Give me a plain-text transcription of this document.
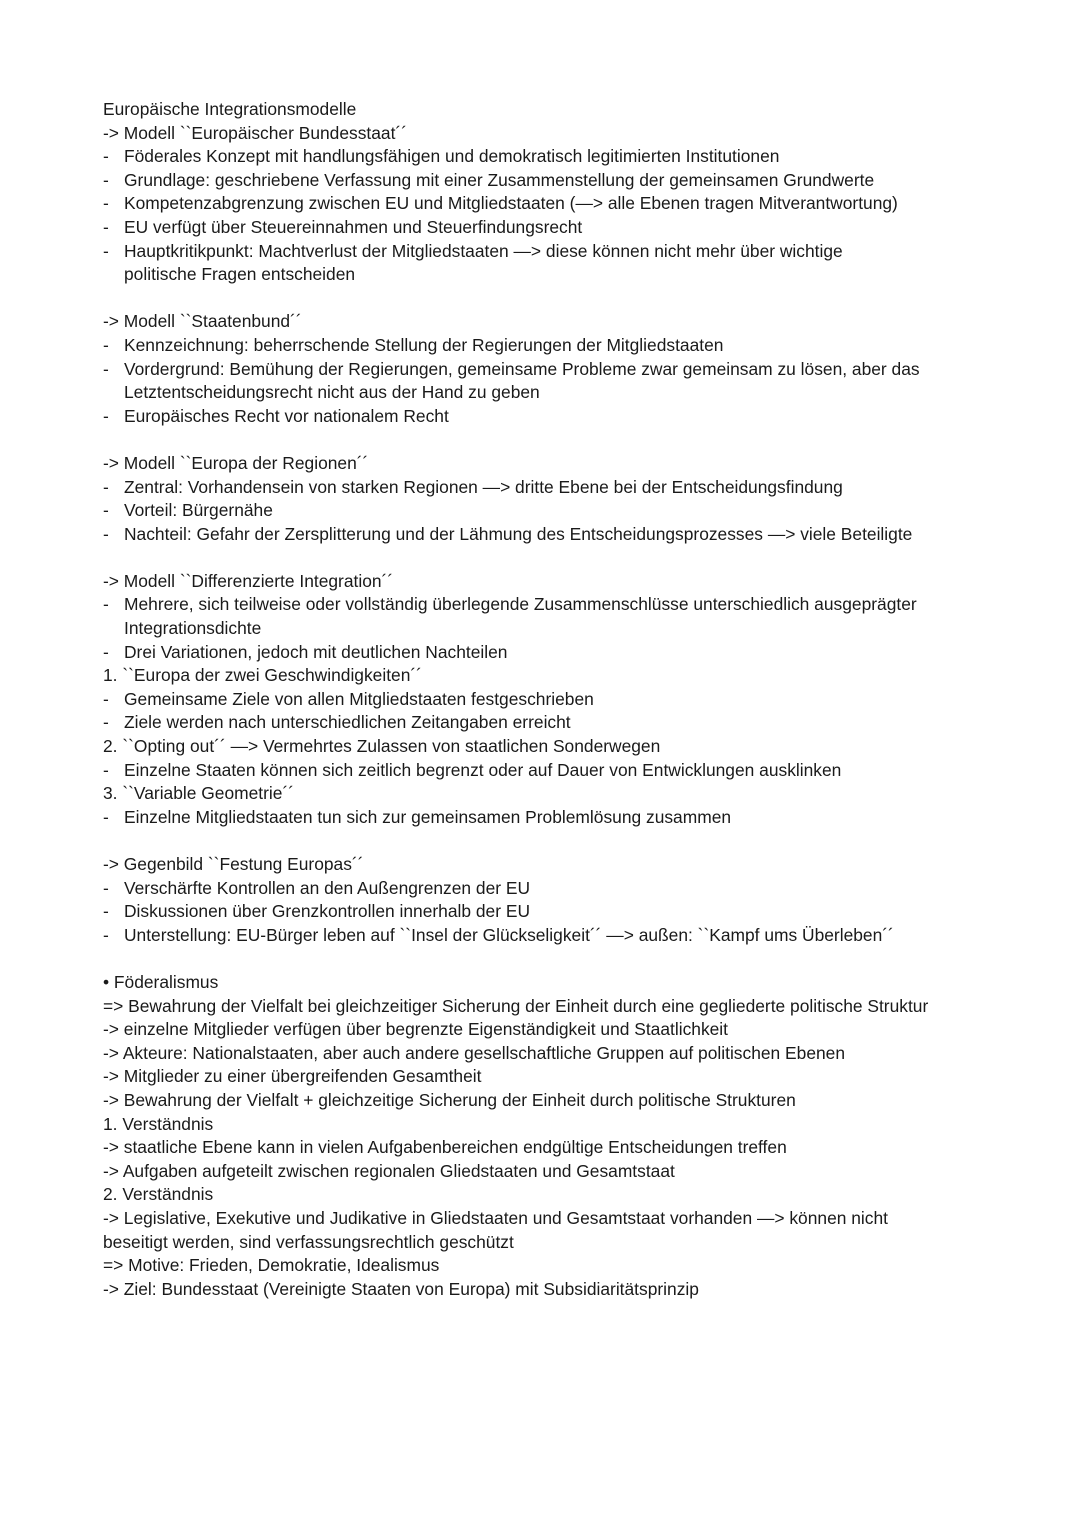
Europäische Integrationsmodelle
-> Modell ``Europäischer Bundesstaat´´
- Föderales Konzept mit handlungsfähigen und demokratisch legitimierten Institutionen
- Grundlage: geschriebene Verfassung mit einer Zusammenstellung der gemeinsamen Grundwerte
- Kompetenzabgrenzung zwischen EU und Mitgliedstaaten (—> alle Ebenen tragen Mitverantwortung)
- EU verfügt über Steuereinnahmen und Steuerfindungsrecht
- Hauptkritikpunkt: Machtverlust der Mitgliedstaaten —> diese können nicht mehr über wichtige
politische Fragen entscheiden
-> Modell ``Staatenbund´´
- Kennzeichnung: beherrschende Stellung der Regierungen der Mitgliedstaaten
- Vordergrund: Bemühung der Regierungen, gemeinsame Probleme zwar gemeinsam zu lösen, aber das
Letztentscheidungsrecht nicht aus der Hand zu geben
- Europäisches Recht vor nationalem Recht
-> Modell ``Europa der Regionen´´
- Zentral: Vorhandensein von starken Regionen —> dritte Ebene bei der Entscheidungsfindung
- Vorteil: Bürgernähe
- Nachteil: Gefahr der Zersplitterung und der Lähmung des Entscheidungsprozesses —> viele Beteiligte
-> Modell ``Differenzierte Integration´´
- Mehrere, sich teilweise oder vollständig überlegende Zusammenschlüsse unterschiedlich ausgeprägter
Integrationsdichte
- Drei Variationen, jedoch mit deutlichen Nachteilen
1. ``Europa der zwei Geschwindigkeiten´´
- Gemeinsame Ziele von allen Mitgliedstaaten festgeschrieben
- Ziele werden nach unterschiedlichen Zeitangaben erreicht
2. ``Opting out´´ —> Vermehrtes Zulassen von staatlichen Sonderwegen
- Einzelne Staaten können sich zeitlich begrenzt oder auf Dauer von Entwicklungen ausklinken
3. ``Variable Geometrie´´
- Einzelne Mitgliedstaaten tun sich zur gemeinsamen Problemlösung zusammen
-> Gegenbild ``Festung Europas´´
- Verschärfte Kontrollen an den Außengrenzen der EU
- Diskussionen über Grenzkontrollen innerhalb der EU
- Unterstellung: EU-Bürger leben auf ``Insel der Glückseligkeit´´ —> außen: ``Kampf ums Überleben´´
• Föderalismus
=> Bewahrung der Vielfalt bei gleichzeitiger Sicherung der Einheit durch eine gegliederte politische Struktur
-> einzelne Mitglieder verfügen über begrenzte Eigenständigkeit und Staatlichkeit
-> Akteure: Nationalstaaten, aber auch andere gesellschaftliche Gruppen auf politischen Ebenen
-> Mitglieder zu einer übergreifenden Gesamtheit
-> Bewahrung der Vielfalt + gleichzeitige Sicherung der Einheit durch politische Strukturen
1. Verständnis
-> staatliche Ebene kann in vielen Aufgabenbereichen endgültige Entscheidungen treffen
-> Aufgaben aufgeteilt zwischen regionalen Gliedstaaten und Gesamtstaat
2. Verständnis
-> Legislative, Exekutive und Judikative in Gliedstaaten und Gesamtstaat vorhanden —> können nicht
beseitigt werden, sind verfassungsrechtlich geschützt
=> Motive: Frieden, Demokratie, Idealismus
-> Ziel: Bundesstaat (Vereinigte Staaten von Europa) mit Subsidiaritätsprinzip
